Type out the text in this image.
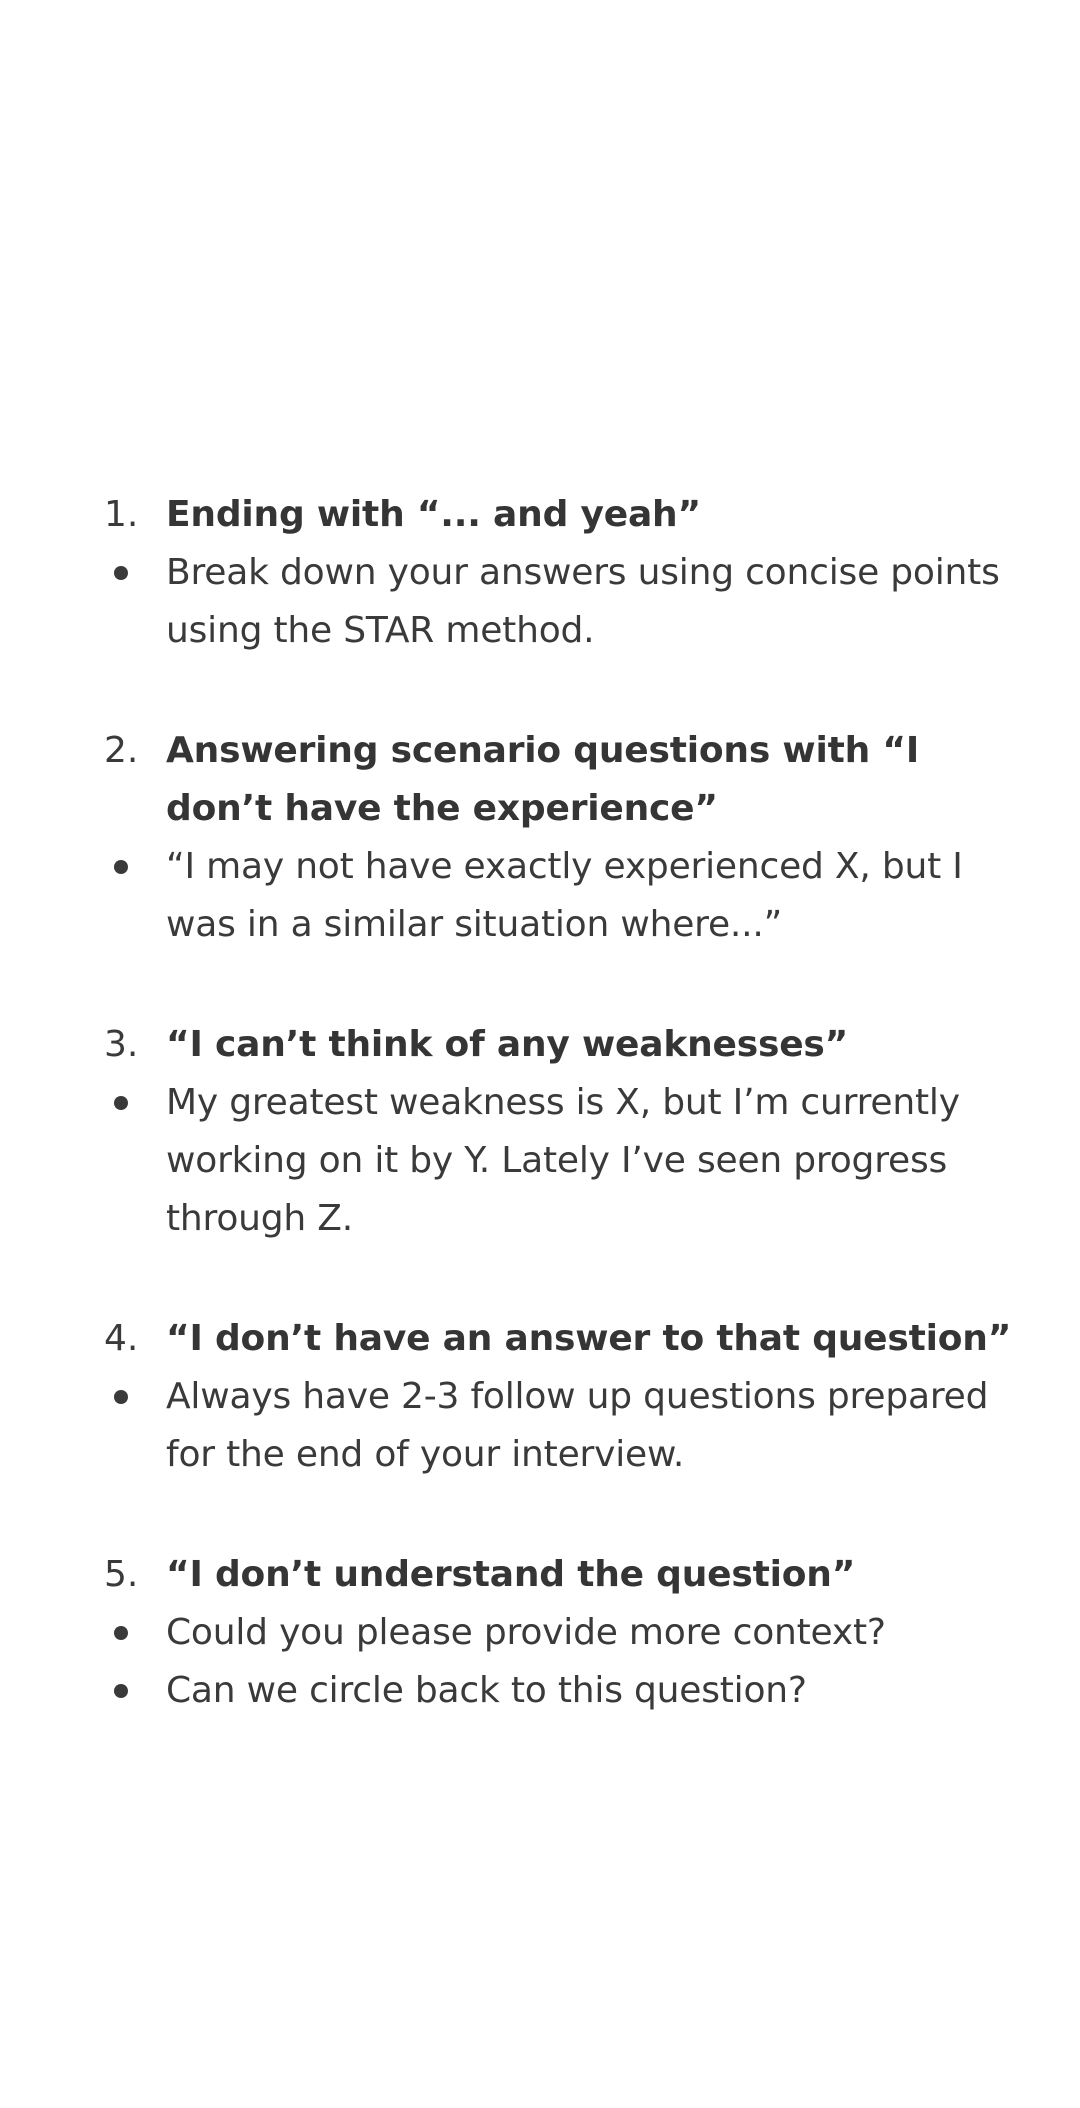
1. Ending with “... and yeah”
Break down your answers using concise points using the STAR method.
2. Answering scenario questions with “I don’t have the experience”
“I may not have exactly experienced X, but I was in a similar situation where...”
3. “I can’t think of any weaknesses”
My greatest weakness is X, but I’m currently working on it by Y. Lately I’ve seen progress through Z.
4. “I don’t have an answer to that question”
Always have 2-3 follow up questions prepared for the end of your interview.
5. “I don’t understand the question”
Could you please provide more context?
Can we circle back to this question?
